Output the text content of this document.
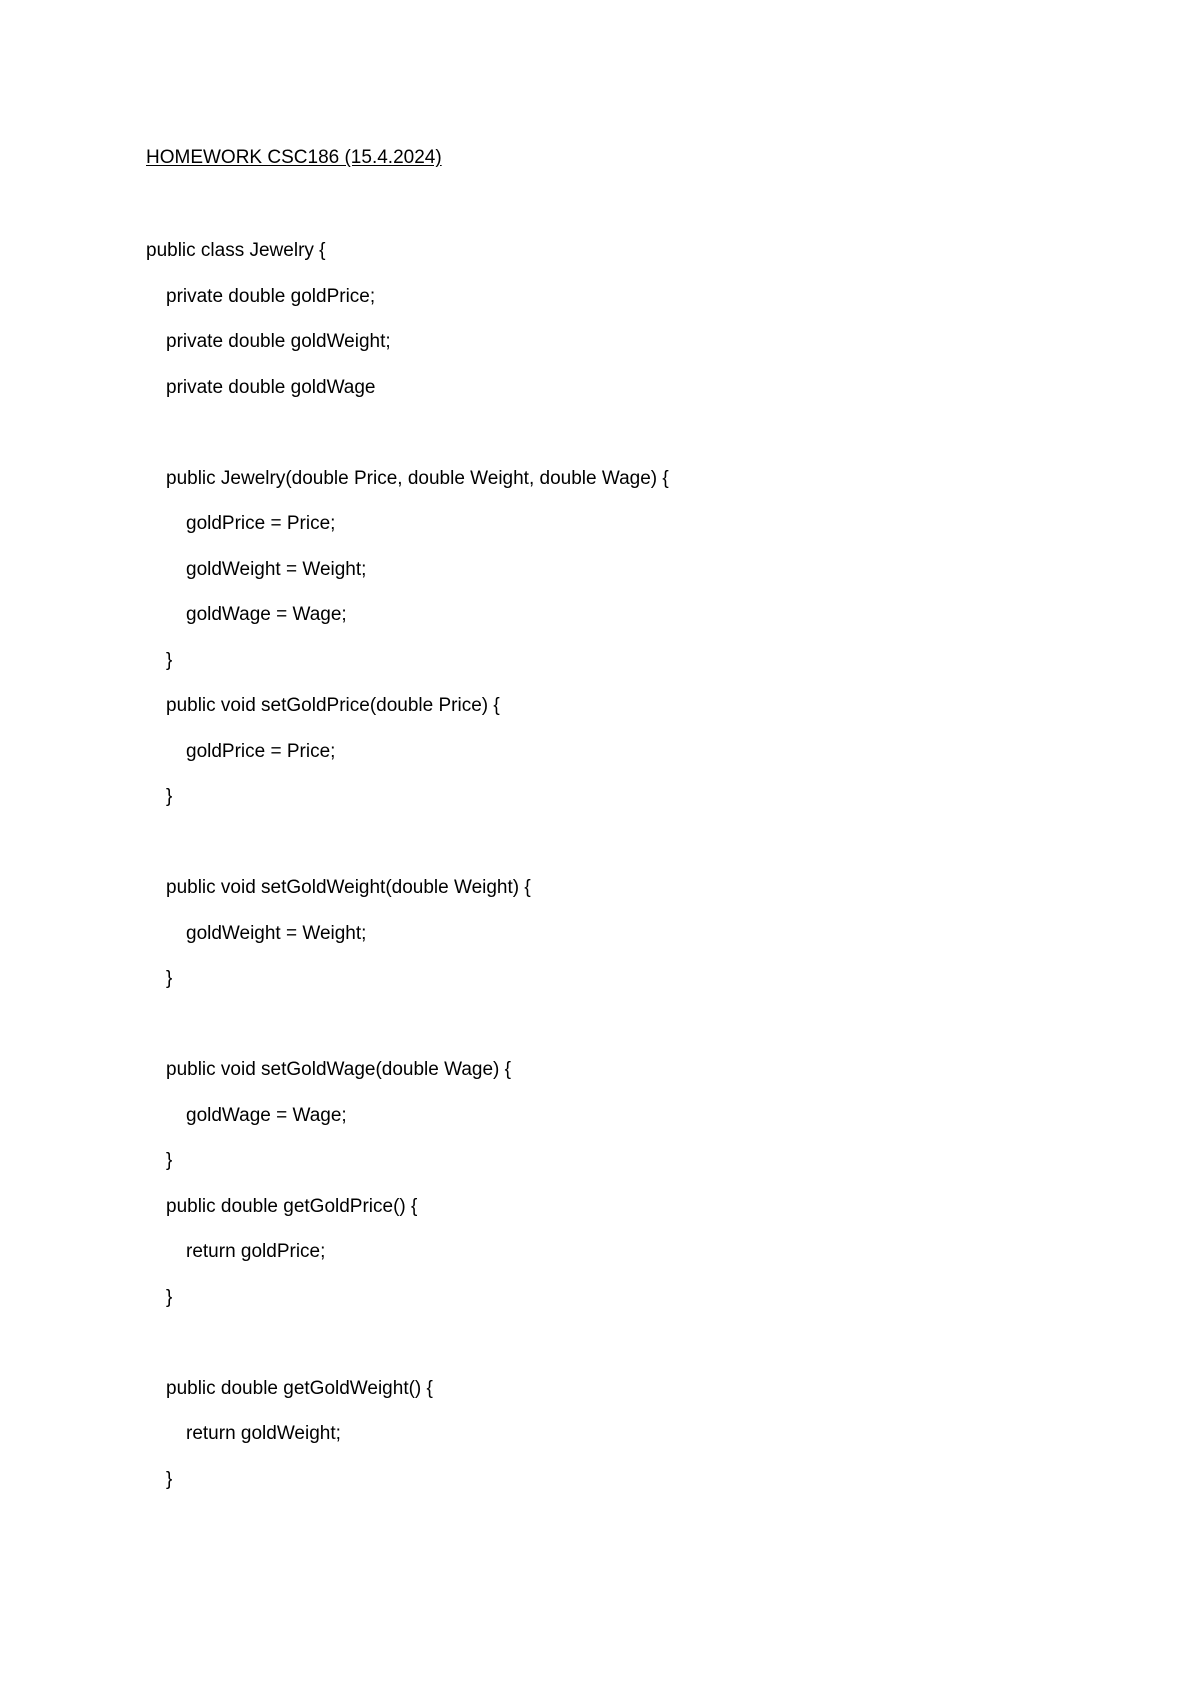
HOMEWORK CSC186 (15.4.2024)
public class Jewelry {
private double goldPrice;
private double goldWeight;
private double goldWage
public Jewelry(double Price, double Weight, double Wage) {
goldPrice = Price;
goldWeight = Weight;
goldWage = Wage;
}
public void setGoldPrice(double Price) {
goldPrice = Price;
}
public void setGoldWeight(double Weight) {
goldWeight = Weight;
}
public void setGoldWage(double Wage) {
goldWage = Wage;
}
public double getGoldPrice() {
return goldPrice;
}
public double getGoldWeight() {
return goldWeight;
}
